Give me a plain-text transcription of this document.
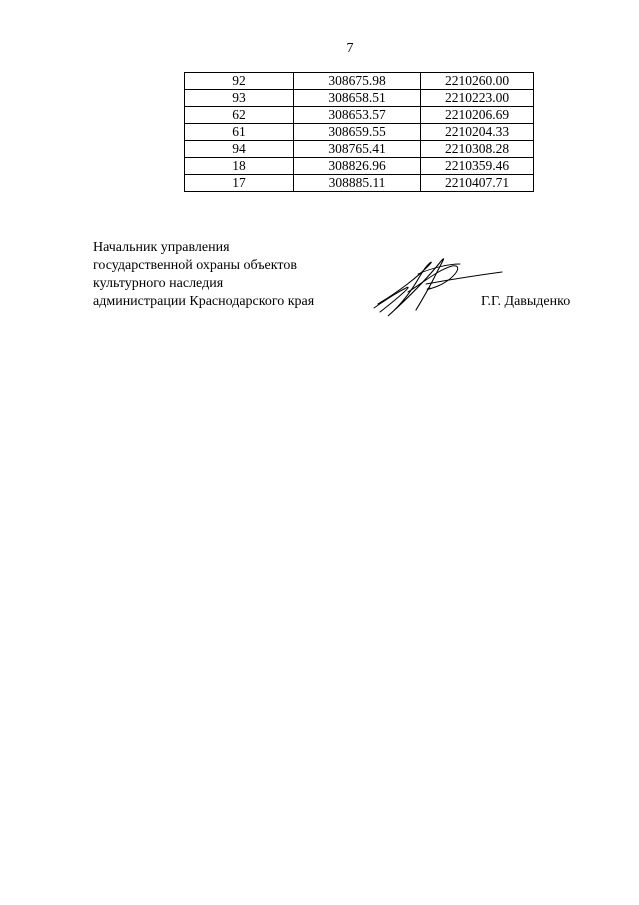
7
92	308675.98	2210260.00
93	308658.51	2210223.00
62	308653.57	2210206.69
61	308659.55	2210204.33
94	308765.41	2210308.28
18	308826.96	2210359.46
17	308885.11	2210407.71
Начальник управления
государственной охраны объектов
культурного наследия
администрации Краснодарского края	Г.Г. Давыденко
